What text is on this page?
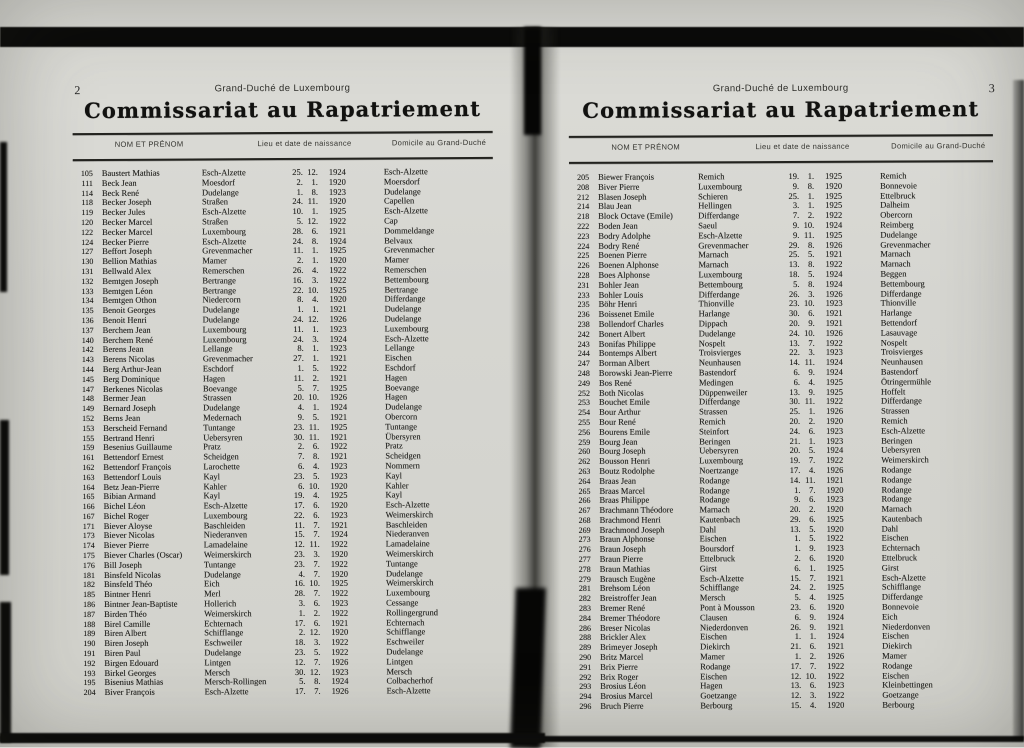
2	Grand-Duché de Luxembourg
Commissariat au Rapatriement
NOM ET PRÉNOM	Lieu et date de naissance	Domicile au Grand-Duché
105 Baustert Mathias	Esch-Alzette	25. 12.	1924	Esch-Alzette
111 Beck Jean	Moesdorf	2.	1.	1920	Moersdorf
114 Beck René	Dudelange	1.	8.	1923	Dudelange
118 Becker Joseph	Straßen	24. 11.	1920	Capellen
119 Becker Jules	Esch-Alzette	10.	1.	1925	Esch-Alzette
120 Becker Marcel	Straßen	5. 12.	1922	Cap
122 Becker Marcel	Luxembourg	28.	6.	1921	Dommeldange
124 Becker Pierre	Esch-Alzette	24.	8.	1924	Belvaux
127 Beffort Joseph	Grevenmacher	11.	1.	1925	Grevenmacher
130 Bellion Mathias	Mamer	2.	1.	1920	Mamer
131 Bellwald Alex	Remerschen	26.	4.	1922	Remerschen
132 Bemtgen Joseph	Bertrange	16.	3.	1922	Bettembourg
133 Bemtgen Léon	Bertrange	22. 10.	1925	Bertrange
134 Bemtgen Othon	Niedercorn	8.	4.	1920	Differdange
135 Benoit Georges	Dudelange	1.	1.	1921	Dudelange
136 Benoit Henri	Dudelange	24. 12.	1926	Dudelange
137 Berchem Jean	Luxembourg	11.	1.	1923	Luxembourg
140 Berchem René	Luxembourg	24.	3.	1924	Esch-Alzette
142 Berens Jean	Lellange	8.	1.	1923	Lellange
143 Berens Nicolas	Grevenmacher	27.	1.	1921	Eischen
144 Berg Arthur-Jean	Eschdorf	1.	5.	1922	Eschdorf
145 Berg Dominique	Hagen	11.	2.	1921	Hagen
147 Berkenes Nicolas	Boevange	5.	7.	1925	Boevange
148 Bermer Jean	Strassen	20. 10.	1926	Hagen
149 Bernard Joseph	Dudelange	4.	1.	1924	Dudelange
152 Berns Jean	Medernach	9.	5.	1921	Obercorn
153 Berscheid Fernand	Tuntange	23. 11.	1925	Tuntange
155 Bertrand Henri	Uebersyren	30. 11.	1921	Übersyren
159 Besenius Guillaume	Pratz	2.	6.	1922	Pratz
161 Bettendorf Ernest	Scheidgen	7.	8.	1921	Scheidgen
162 Bettendorf François	Larochette	6.	4.	1923	Nommern
163 Bettendorf Louis	Kayl	23.	5.	1923	Kayl
164 Betz Jean-Pierre	Kahler	6. 10.	1920	Kahler
165 Bibian Armand	Kayl	19.	4.	1925	Kayl
166 Bichel Léon	Esch-Alzette	17.	6.	1920	Esch-Alzette
167 Bichel Roger	Luxembourg	22.	6.	1923	Weimerskirch
171 Biever Aloyse	Baschleiden	11.	7.	1921	Baschleiden
173 Biever Nicolas	Niederanven	15.	7.	1924	Niederanven
174 Biever Pierre	Lamadelaine	12. 11.	1922	Lamadelaine
175 Biever Charles (Oscar)	Weimerskirch	23.	3.	1920	Weimerskirch
176 Bill Joseph	Tuntange	23.	7.	1922	Tuntange
181 Binsfeld Nicolas	Dudelange	4.	7.	1920	Dudelange
182 Binsfeld Théo	Eich	16. 10.	1925	Weimerskirch
185 Bintner Henri	Merl	28.	7.	1922	Luxembourg
186 Bintner Jean-Baptiste	Hollerich	3.	6.	1923	Cessange
187 Birden Théo	Weimerskirch	1.	2.	1922	Rollingergrund
188 Birel Camille	Echternach	17.	6.	1921	Echternach
189 Biren Albert	Schifflange	2. 12.	1920	Schifflange
190 Biren Joseph	Eschweiler	18.	3.	1922	Eschweiler
191 Biren Paul	Dudelange	23.	5.	1922	Dudelange
192 Birgen Edouard	Lintgen	12.	7.	1926	Lintgen
193 Birkel Georges	Mersch	30. 12.	1923	Mersch
195 Bisenius Mathias	Mersch-Rollingen	5.	8.	1924	Colbacherhof
204 Biver François	Esch-Alzette	17.	7.	1926	Esch-Alzette
3
Grand-Duché de Luxembourg
Commissariat au Rapatriement
NOM ET PRÉNOM	Lieu et date de naissance	Domicile au Grand-Duché
205 Biewer François	Remich	19.	1.	1925	Remich
208 Biver Pierre	Luxembourg	9.	8.	1920	Bonnevoie
212 Blasen Joseph	Schieren	25.	1.	1925	Ettelbruck
214 Blau Jean	Hellingen	3.	1.	1925	Dalheim
218 Block Octave (Emile)	Differdange	7.	2.	1922	Obercorn
222 Boden Jean	Saeul	9. 10.	1924	Reimberg
223 Bodry Adolphe	Esch-Alzette	9. 11.	1925	Dudelange
224 Bodry René	Grevenmacher	29.	8.	1926	Grevenmacher
225 Boenen Pierre	Marnach	25.	5.	1921	Marnach
226 Boenen Alphonse	Marnach	13.	8.	1922	Marnach
228 Boes Alphonse	Luxembourg	18.	5.	1924	Beggen
231 Bohler Jean	Bettembourg	5.	8.	1924	Bettembourg
233 Bohler Louis	Differdange	26.	3.	1926	Differdange
235 Böhr Henri	Thionville	23. 10.	1923	Thionville
236 Boissenet Emile	Harlange	30.	6.	1921	Harlange
238 Bollendorf Charles	Dippach	20.	9.	1921	Bettendorf
242 Bonert Albert	Dudelange	24. 10.	1926	Lasauvage
243 Bonifas Philippe	Nospelt	13.	7.	1922	Nospelt
244 Bontemps Albert	Troisvierges	22.	3.	1923	Troisvierges
247 Borman Albert	Neunhausen	14. 11.	1924	Neunhausen
248 Borowski Jean-Pierre	Bastendorf	6.	9.	1924	Bastendorf
249 Bos René	Medingen	6.	4.	1925	Ötringermühle
252 Both Nicolas	Düppenweiler	13.	9.	1925	Hoffelt
253 Bouchet Emile	Differdange	30. 11.	1922	Differdange
254 Bour Arthur	Strassen	25.	1.	1926	Strassen
255 Bour René	Remich	20.	2.	1920	Remich
256 Bourens Emile	Steinfort	24.	6.	1923	Esch-Alzette
259 Bourg Jean	Beringen	21.	1.	1923	Beringen
260 Bourg Joseph	Uebersyren	20.	5.	1924	Uebersyren
262 Bousson Henri	Luxembourg	19.	7.	1922	Weimerskirch
263 Boutz Rodolphe	Noertzange	17.	4.	1926	Rodange
264 Braas Jean	Rodange	14. 11.	1921	Rodange
265 Braas Marcel	Rodange	1.	7.	1920	Rodange
266 Braas Philippe	Rodange	9.	6.	1923	Rodange
267 Brachmann Théodore	Marnach	20.	2.	1920	Marnach
268 Brachmond Henri	Kautenbach	29.	6.	1925	Kautenbach
269 Brachmond Joseph	Dahl	13.	5.	1920	Dahl
273 Braun Alphonse	Eischen	1.	5.	1922	Eischen
276 Braun Joseph	Boursdorf	1.	9.	1923	Echternach
277 Braun Pierre	Ettelbruck	2.	6.	1920	Ettelbruck
278 Braun Mathias	Girst	6.	1.	1925	Girst
279 Brausch Eugène	Esch-Alzette	15.	7.	1921	Esch-Alzette
281 Brehsom Léon	Schifflange	24.	2.	1925	Schifflange
282 Breistroffer Jean	Mersch	5.	4.	1925	Differdange
283 Bremer René	Pont à Mousson	23.	6.	1920	Bonnevoie
284 Bremer Théodore	Clausen	6.	9.	1924	Eich
286 Breser Nicolas	Niederdonven	26.	9.	1921	Niederdonven
288 Brickler Alex	Eischen	1.	1.	1924	Eischen
289 Brimeyer Joseph	Diekirch	21.	6.	1921	Diekirch
290 Britz Marcel	Mamer	1.	2.	1926	Mamer
291 Brix Pierre	Rodange	17.	7.	1922	Rodange
292 Brix Roger	Eischen	12. 10.	1922	Eischen
293 Brosius Léon	Hagen	13.	6.	1923	Kleinbettingen
294 Brosius Marcel	Goetzange	12.	3.	1922	Goetzange
296 Bruch Pierre	Berbourg	15.	4.	1920	Berbourg
